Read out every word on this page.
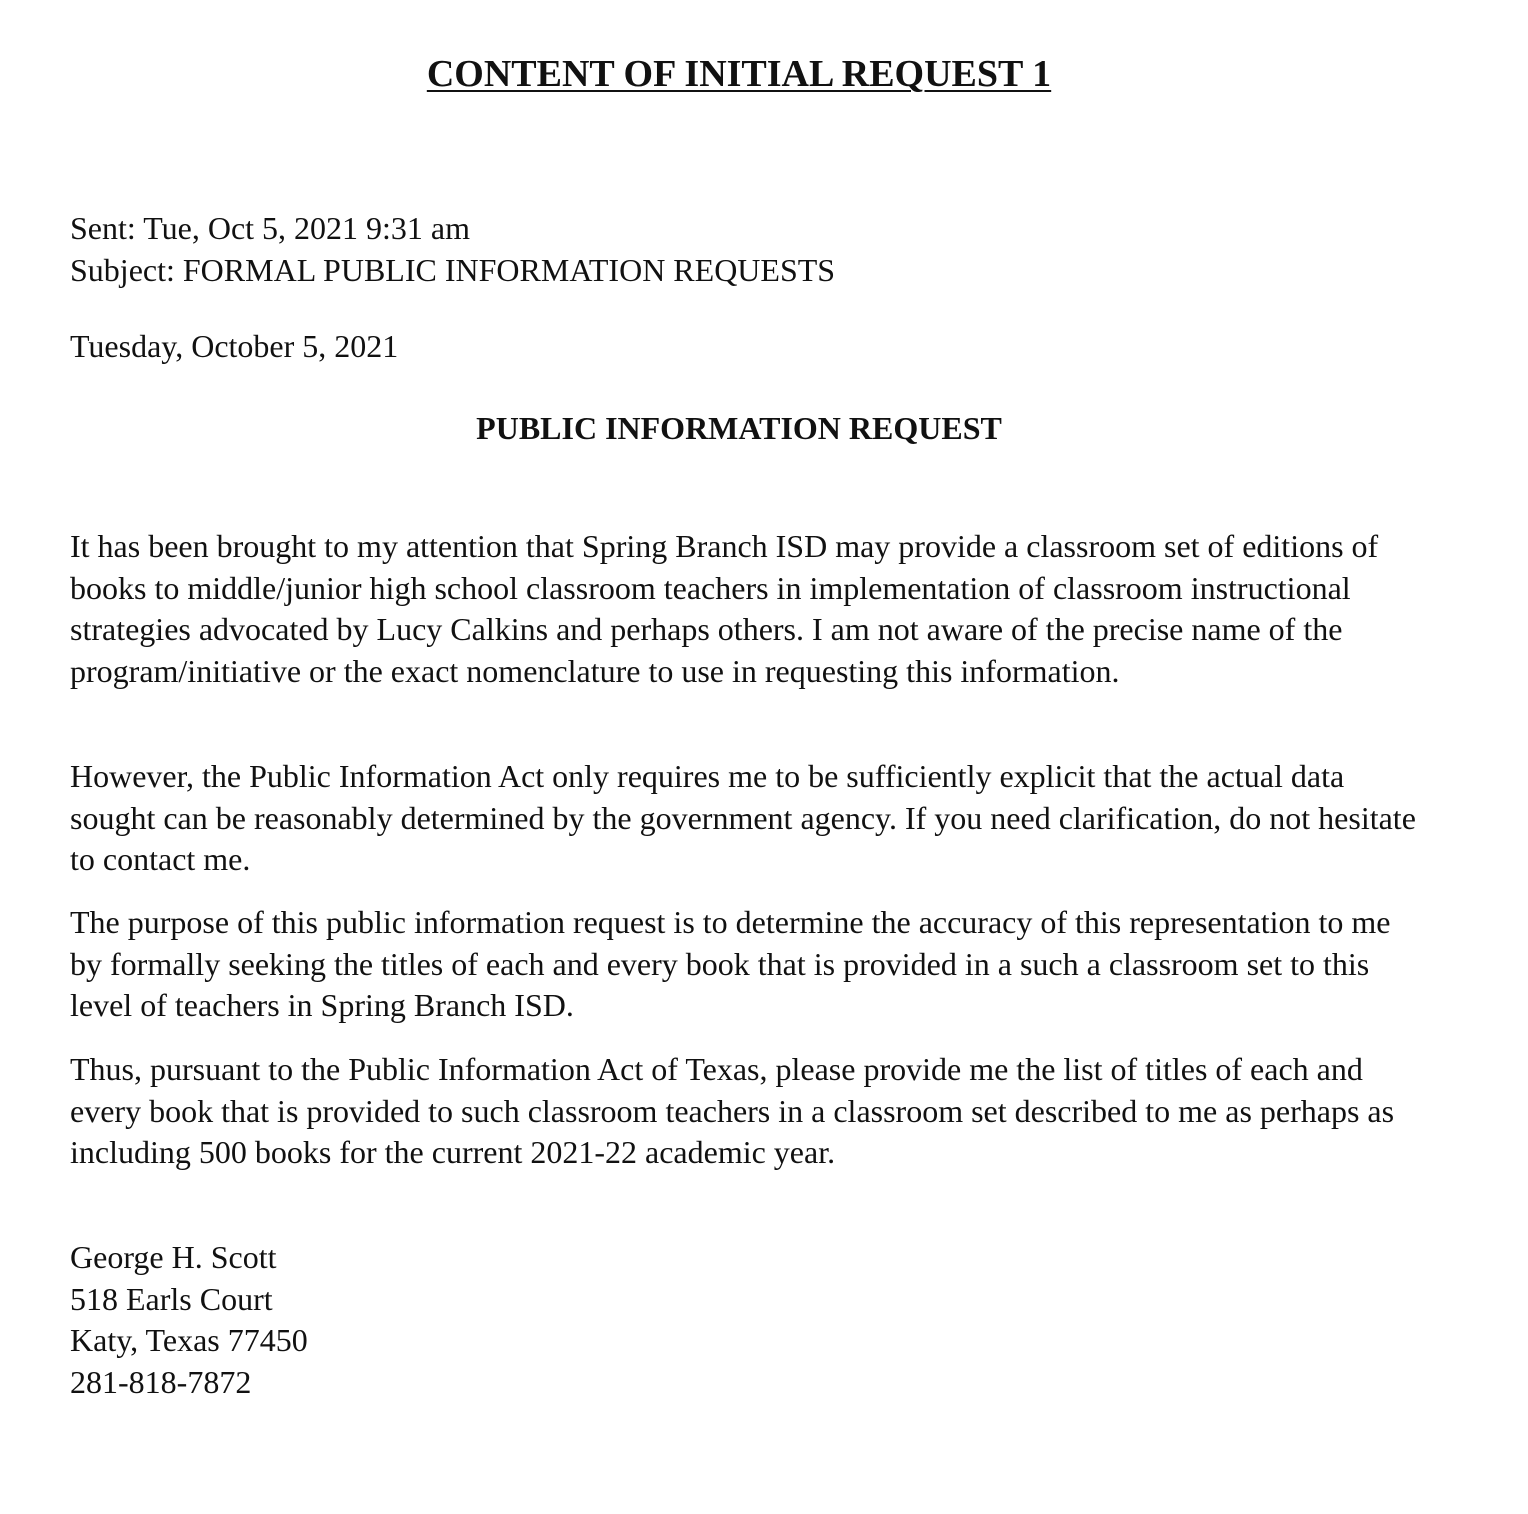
CONTENT OF INITIAL REQUEST 1
Sent: Tue, Oct 5, 2021 9:31 am
Subject: FORMAL PUBLIC INFORMATION REQUESTS
Tuesday, October 5, 2021
PUBLIC INFORMATION REQUEST

It has been brought to my attention that Spring Branch ISD may provide a classroom set of editions of books to middle/junior high school classroom teachers in implementation of classroom instructional strategies advocated by Lucy Calkins and perhaps others. I am not aware of the precise name of the program/initiative or the exact nomenclature to use in requesting this information.

However, the Public Information Act only requires me to be sufficiently explicit that the actual data sought can be reasonably determined by the government agency. If you need clarification, do not hesitate to contact me.

The purpose of this public information request is to determine the accuracy of this representation to me by formally seeking the titles of each and every book that is provided in a such a classroom set to this level of teachers in Spring Branch ISD.

Thus, pursuant to the Public Information Act of Texas, please provide me the list of titles of each and every book that is provided to such classroom teachers in a classroom set described to me as perhaps as including 500 books for the current 2021-22 academic year.

George H. Scott
518 Earls Court
Katy, Texas 77450
281-818-7872
